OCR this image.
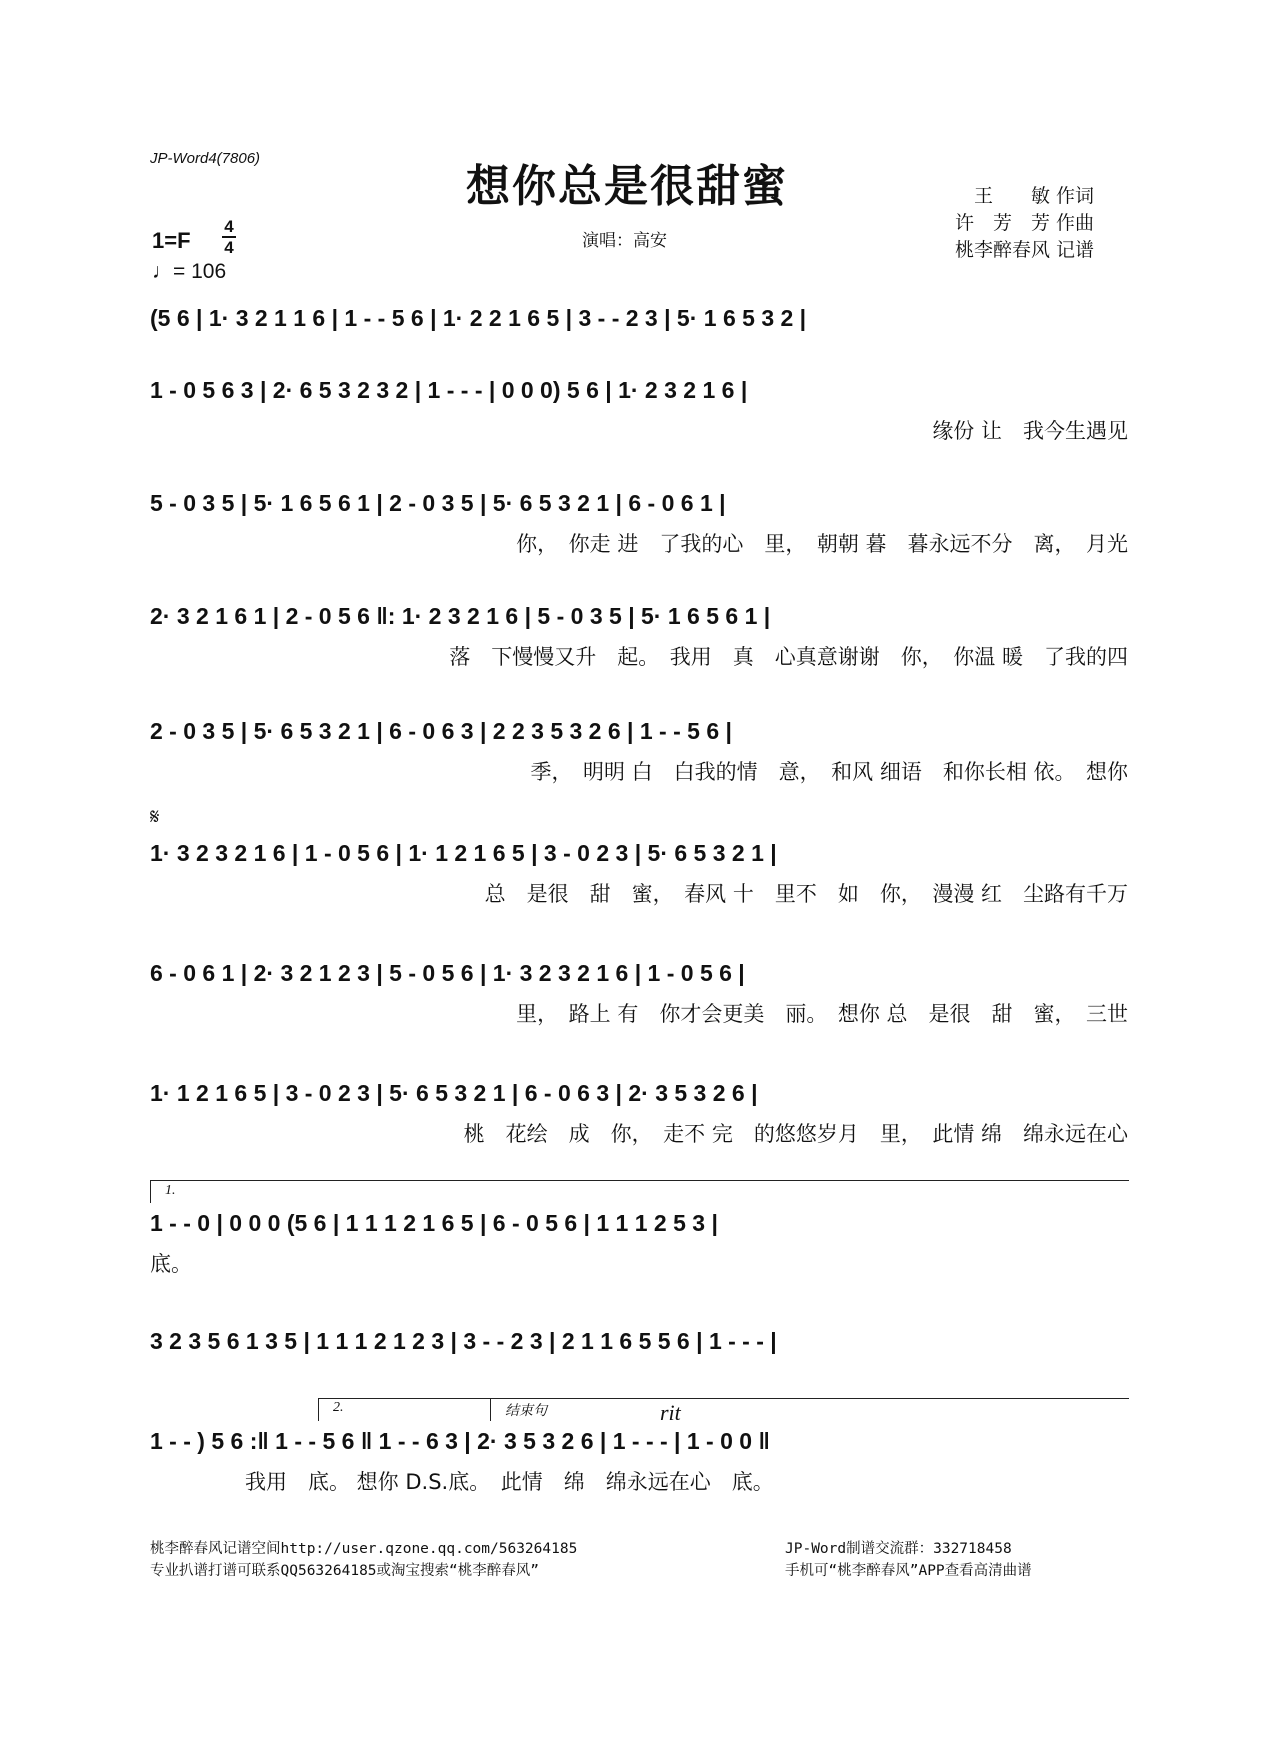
JP-Word4(7806)
想你总是很甜蜜
演唱：高安
王　　敏 作词
许　芳　芳 作曲
桃李醉春风 记谱
1=F
4
4
♩= 106
(5 6 | 1· 3 2 1 1 6 | 1 - - 5 6 | 1· 2 2 1 6 5 | 3 - - 2 3 | 5· 1 6 5 3 2 |
1 - 0 5 6 3 | 2· 6 5 3 2 3 2 | 1 - - - | 0 0 0) 5 6 | 1· 2 3 2 1 6 |
缘份 让　我今生遇见
5 - 0 3 5 | 5· 1 6 5 6 1 | 2 - 0 3 5 | 5· 6 5 3 2 1 | 6 - 0 6 1 |
你，　你走 进　了我的心　里，　朝朝 暮　暮永远不分　离，　月光
2· 3 2 1 6 1 | 2 - 0 5 6 ‖: 1· 2 3 2 1 6 | 5 - 0 3 5 | 5· 1 6 5 6 1 |
落　下慢慢又升　起。　我用　真　心真意谢谢　你，　你温 暖　了我的四
2 - 0 3 5 | 5· 6 5 3 2 1 | 6 - 0 6 3 | 2 2 3 5 3 2 6 | 1 - - 5 6 |
季，　明明 白　白我的情　意，　和风 细语　和你长相 依。　想你
𝄋
1· 3 2 3 2 1 6 | 1 - 0 5 6 | 1· 1 2 1 6 5 | 3 - 0 2 3 | 5· 6 5 3 2 1 |
总　是很　甜　蜜，　春风 十　里不　如　你，　漫漫 红　尘路有千万
6 - 0 6 1 | 2· 3 2 1 2 3 | 5 - 0 5 6 | 1· 3 2 3 2 1 6 | 1 - 0 5 6 |
里，　路上 有　你才会更美　丽。　想你 总　是很　甜　蜜，　三世
1· 1 2 1 6 5 | 3 - 0 2 3 | 5· 6 5 3 2 1 | 6 - 0 6 3 | 2· 3 5 3 2 6 |
桃　花绘　成　你，　走不 完　的悠悠岁月　里，　此情 绵　绵永远在心
1.
1 - - 0 | 0 0 0 (5 6 | 1 1 1 2 1 6 5 | 6 - 0 5 6 | 1 1 1 2 5 3 |
底。
3 2 3 5 6 1 3 5 | 1 1 1 2 1 2 3 | 3 - - 2 3 | 2 1 1 6 5 5 6 | 1 - - - |
2.	结束句	rit
1 - - ) 5 6 :‖ 1 - - 5 6 ‖ 1 - - 6 3 | 2· 3 5 3 2 6 | 1 - - - | 1 - 0 0 ‖
我用　底。 想你 D.S.底。　此情　绵　绵永远在心　底。
桃李醉春风记谱空间http://user.qzone.qq.com/563264185
专业扒谱打谱可联系QQ563264185或淘宝搜索“桃李醉春风”
JP-Word制谱交流群：332718458
手机可“桃李醉春风”APP查看高清曲谱
